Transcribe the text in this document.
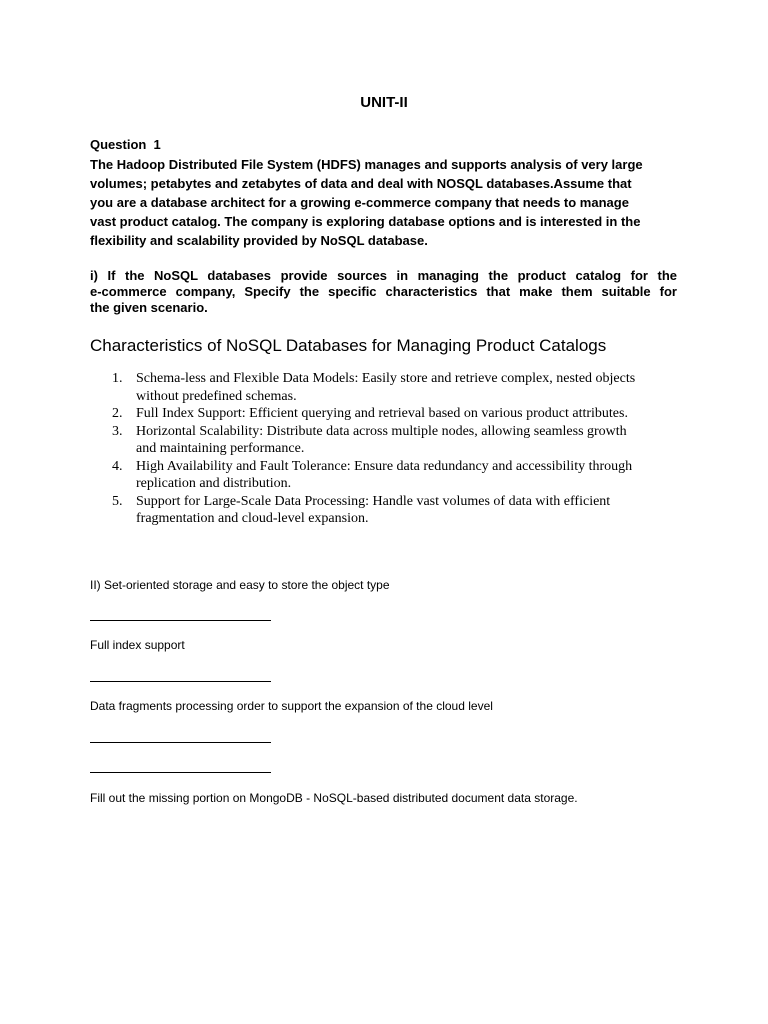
UNIT-II
Question  1
The Hadoop Distributed File System (HDFS) manages and supports analysis of very large
volumes; petabytes and zetabytes of data and deal with NOSQL databases.Assume that
you are a database architect for a growing e-commerce company that needs to manage
vast product catalog. The company is exploring database options and is interested in the
flexibility and scalability provided by NoSQL database.
i) If the NoSQL databases provide sources in managing the product catalog for the
e-commerce company, Specify the specific characteristics that make them suitable for
the given scenario.
Characteristics of NoSQL Databases for Managing Product Catalogs
1. Schema-less and Flexible Data Models: Easily store and retrieve complex, nested objects
without predefined schemas.
2. Full Index Support: Efficient querying and retrieval based on various product attributes.
3. Horizontal Scalability: Distribute data across multiple nodes, allowing seamless growth
and maintaining performance.
4. High Availability and Fault Tolerance: Ensure data redundancy and accessibility through
replication and distribution.
5. Support for Large-Scale Data Processing: Handle vast volumes of data with efficient
fragmentation and cloud-level expansion.
II) Set-oriented storage and easy to store the object type
Full index support
Data fragments processing order to support the expansion of the cloud level
Fill out the missing portion on MongoDB - NoSQL-based distributed document data storage.
